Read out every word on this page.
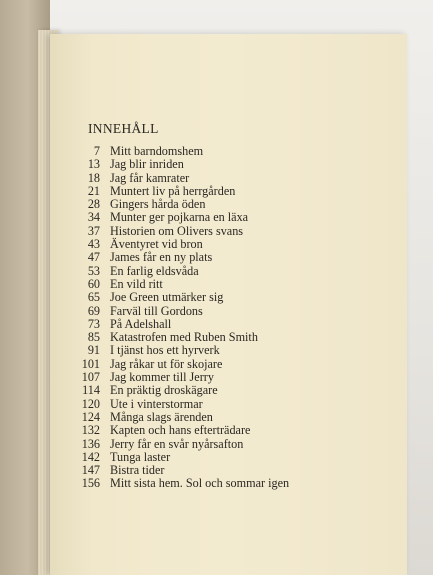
INNEHÅLL
7 Mitt barndomshem
13 Jag blir inriden
18 Jag får kamrater
21 Muntert liv på herrgården
28 Gingers hårda öden
34 Munter ger pojkarna en läxa
37 Historien om Olivers svans
43 Äventyret vid bron
47 James får en ny plats
53 En farlig eldsvåda
60 En vild ritt
65 Joe Green utmärker sig
69 Farväl till Gordons
73 På Adelshall
85 Katastrofen med Ruben Smith
91 I tjänst hos ett hyrverk
101 Jag råkar ut för skojare
107 Jag kommer till Jerry
114 En präktig droskägare
120 Ute i vinterstormar
124 Många slags ärenden
132 Kapten och hans efterträdare
136 Jerry får en svår nyårsafton
142 Tunga laster
147 Bistra tider
156 Mitt sista hem. Sol och sommar igen
